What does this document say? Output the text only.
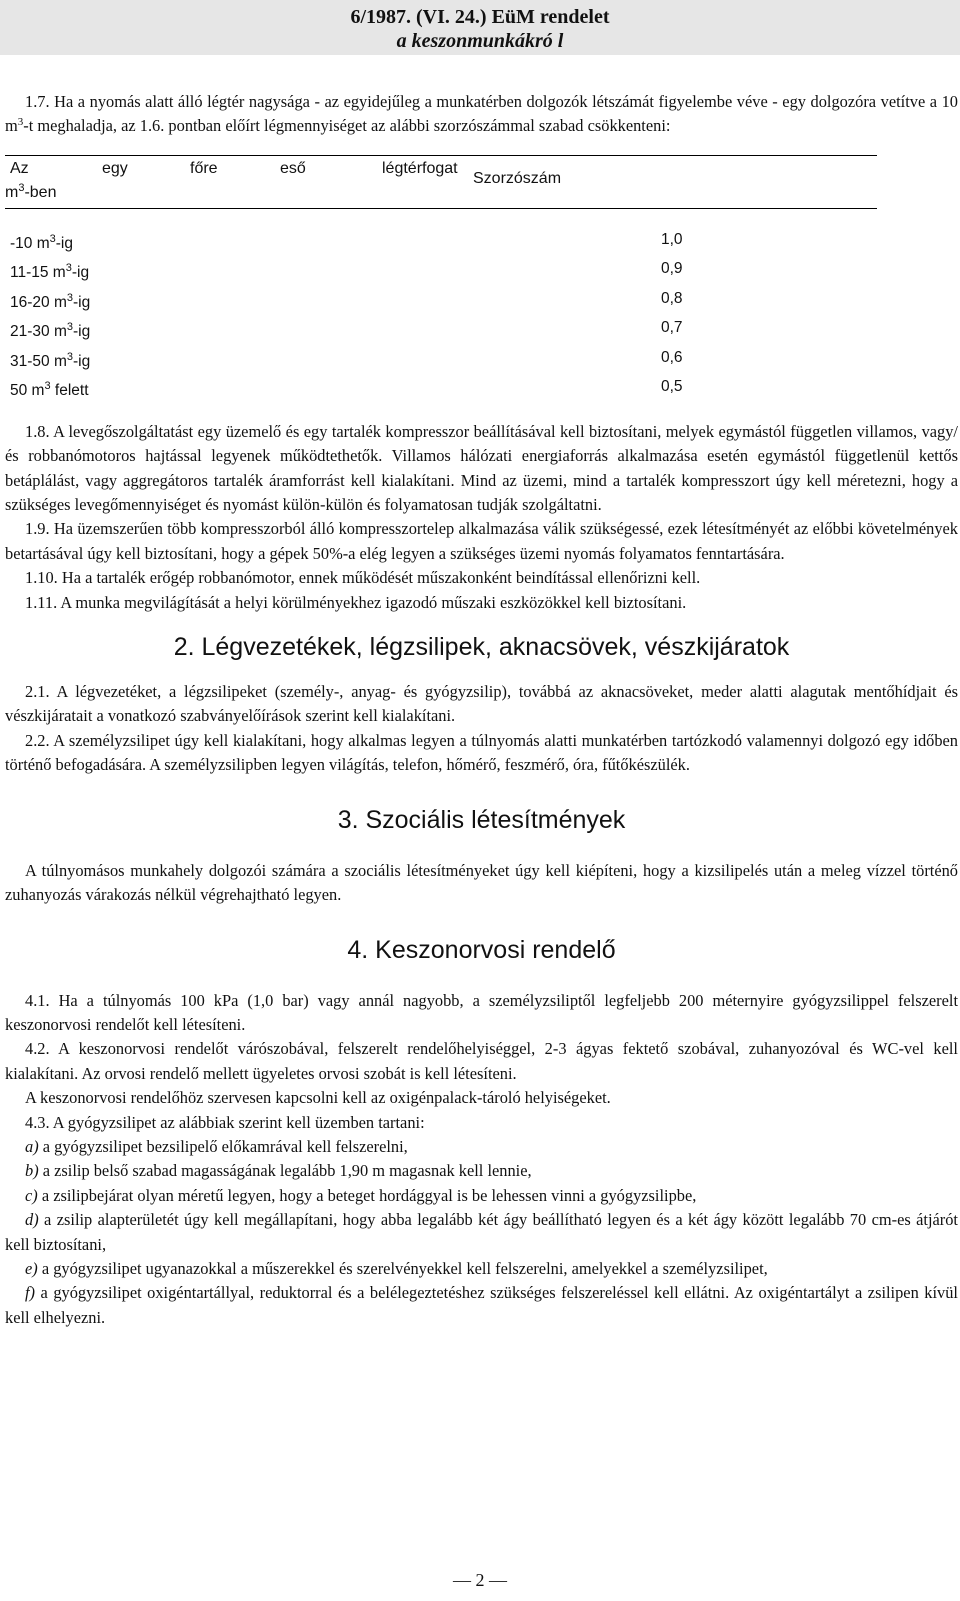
6/1987. (VI. 24.) EüM rendelet
a keszonmunkákró l

1.7. Ha a nyomás alatt álló légtér nagysága - az egyidejűleg a munkatérben dolgozók létszámát figyelembe véve - egy dolgozóra vetítve a 10 $m^3-t$ meghaladja, az 1.6. pontban előírt légmennyiséget az alábbi szorzószámmal szabad csökkenteni:

Az	egy	főre	eső	légtérfogat
$m^3$-ben
Szorzószám
-10 $m^3-ig$	1,0
11-15 $m^3-ig$	0,9
16-20 $m^3-ig$	0,8
21-30 $m^3-ig$	0,7
31-50 $m^3-ig$	0,6
50 $m^3$ felett	0,5

1.8. A levegőszolgáltatást egy üzemelő és egy tartalék kompresszor beállításával kell biztosítani, melyek egymástól független villamos, vagy/és robbanómotoros hajtással legyenek működtethetők. Villamos hálózati energiaforrás alkalmazása esetén egymástól függetlenül kettős betáplálást, vagy aggregátoros tartalék áramforrást kell kialakítani. Mind az üzemi, mind a tartalék kompresszort úgy kell méretezni, hogy a szükséges levegőmennyiséget és nyomást külön-külön és folyamatosan tudják szolgáltatni.

1.9. Ha üzemszerűen több kompresszorból álló kompresszortelep alkalmazása válik szükségessé, ezek létesítményét az előbbi követelmények betartásával úgy kell biztosítani, hogy a gépek 50%-a elég legyen a szükséges üzemi nyomás folyamatos fenntartására.

1.10. Ha a tartalék erőgép robbanómotor, ennek működését műszakonként beindítással ellenőrizni kell.

1.11. A munka megvilágítását a helyi körülményekhez igazodó műszaki eszközökkel kell biztosítani.

2. Légvezetékek, légzsilipek, aknacsövek, vészkijáratok

2.1. A légvezetéket, a légzsilipeket (személy-, anyag- és gyógyzsilip), továbbá az aknacsöveket, meder alatti alagutak mentőhídjait és vészkijáratait a vonatkozó szabványelőírások szerint kell kialakítani.

2.2. A személyzsilipet úgy kell kialakítani, hogy alkalmas legyen a túlnyomás alatti munkatérben tartózkodó valamennyi dolgozó egy időben történő befogadására. A személyzsilipben legyen világítás, telefon, hőmérő, feszmérő, óra, fűtőkészülék.

3. Szociális létesítmények

A túlnyomásos munkahely dolgozói számára a szociális létesítményeket úgy kell kiépíteni, hogy a kizsilipelés után a meleg vízzel történő zuhanyozás várakozás nélkül végrehajtható legyen.

4. Keszonorvosi rendelő

4.1. Ha a túlnyomás 100 kPa (1,0 bar) vagy annál nagyobb, a személyzsiliptől legfeljebb 200 méternyire gyógyzsilippel felszerelt keszonorvosi rendelőt kell létesíteni.

4.2. A keszonorvosi rendelőt várószobával, felszerelt rendelőhelyiséggel, 2-3 ágyas fektető szobával, zuhanyozóval és WC-vel kell kialakítani. Az orvosi rendelő mellett ügyeletes orvosi szobát is kell létesíteni.

A keszonorvosi rendelőhöz szervesen kapcsolni kell az oxigénpalack-tároló helyiségeket.

4.3. A gyógyzsilipet az alábbiak szerint kell üzemben tartani:

a) a gyógyzsilipet bezsilipelő előkamrával kell felszerelni,

b) a zsilip belső szabad magasságának legalább 1,90 m magasnak kell lennie,

c) a zsilipbejárat olyan méretű legyen, hogy a beteget hordággyal is be lehessen vinni a gyógyzsilipbe,

d) a zsilip alapterületét úgy kell megállapítani, hogy abba legalább két ágy beállítható legyen és a két ágy között legalább 70 cm-es átjárót kell biztosítani,

e) a gyógyzsilipet ugyanazokkal a műszerekkel és szerelvényekkel kell felszerelni, amelyekkel a személyzsilipet,

f) a gyógyzsilipet oxigéntartállyal, reduktorral és a belélegeztetéshez szükséges felszereléssel kell ellátni. Az oxigéntartályt a zsilipen kívül kell elhelyezni.

— 2 —
